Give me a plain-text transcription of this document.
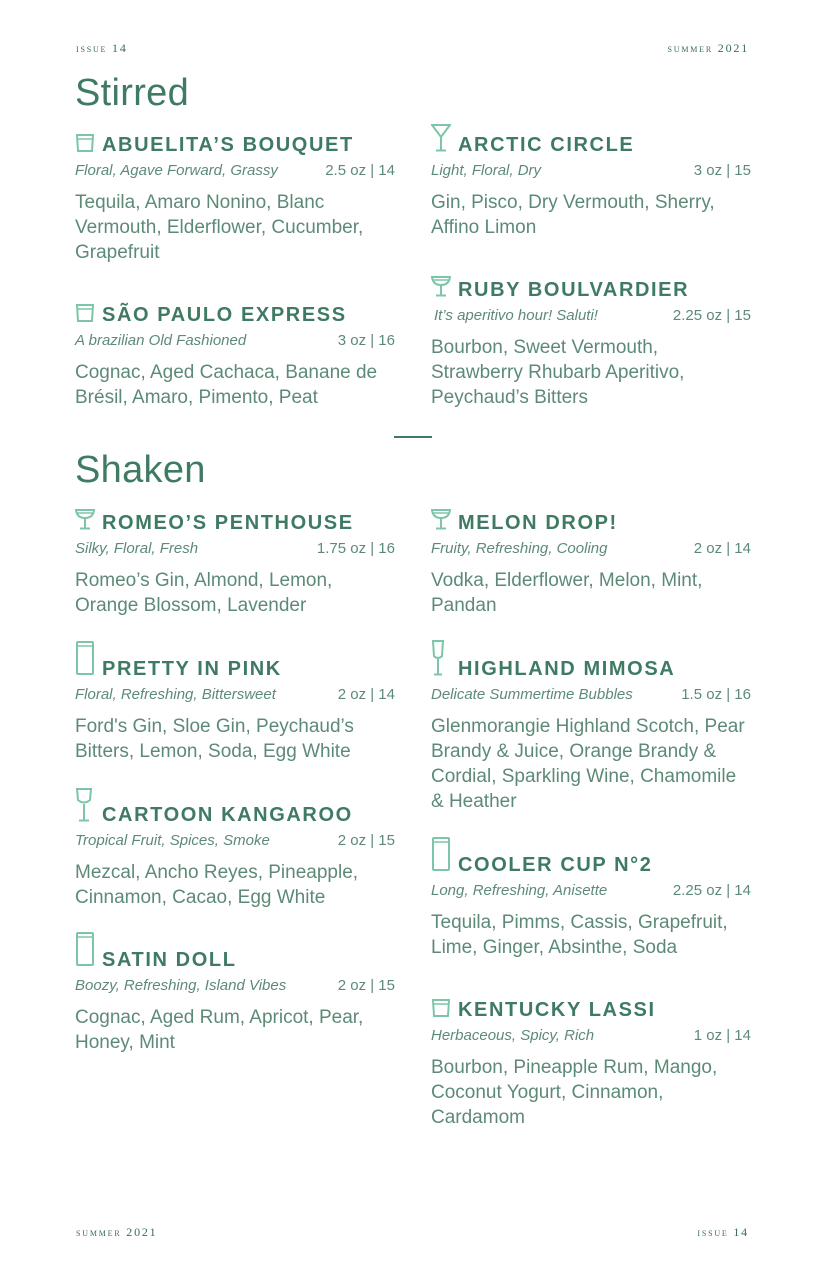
issue 14	summer 2021
Stirred
ABUELITA’S BOUQUET
Floral, Agave Forward, Grassy	2.5 oz | 14
Tequila, Amaro Nonino, Blanc Vermouth, Elderflower, Cucumber, Grapefruit
ARCTIC CIRCLE
Light, Floral, Dry	3 oz | 15
Gin, Pisco, Dry Vermouth, Sherry, Affino Limon
RUBY BOULVARDIER
It’s aperitivo hour! Saluti!	2.25 oz | 15
Bourbon, Sweet Vermouth, Strawberry Rhubarb Aperitivo, Peychaud’s Bitters
SÃO PAULO EXPRESS
A brazilian Old Fashioned	3 oz | 16
Cognac, Aged Cachaca, Banane de Brésil, Amaro, Pimento, Peat
Shaken
ROMEO’S PENTHOUSE
Silky, Floral, Fresh	1.75 oz | 16
Romeo’s Gin, Almond, Lemon, Orange Blossom, Lavender
MELON DROP!
Fruity, Refreshing, Cooling	2 oz | 14
Vodka, Elderflower, Melon, Mint, Pandan
PRETTY IN PINK
Floral, Refreshing, Bittersweet	2 oz | 14
Ford's Gin, Sloe Gin, Peychaud’s Bitters, Lemon, Soda, Egg White
HIGHLAND MIMOSA
Delicate Summertime Bubbles	1.5 oz | 16
Glenmorangie Highland Scotch, Pear Brandy & Juice, Orange Brandy & Cordial, Sparkling Wine, Chamomile & Heather
CARTOON KANGAROO
Tropical Fruit, Spices, Smoke	2 oz | 15
Mezcal, Ancho Reyes, Pineapple, Cinnamon, Cacao, Egg White
COOLER CUP N°2
Long, Refreshing, Anisette	2.25 oz | 14
Tequila, Pimms, Cassis, Grapefruit, Lime, Ginger, Absinthe, Soda
SATIN DOLL
Boozy, Refreshing, Island Vibes	2 oz | 15
Cognac, Aged Rum, Apricot, Pear, Honey, Mint
KENTUCKY LASSI
Herbaceous, Spicy, Rich	1 oz | 14
Bourbon, Pineapple Rum, Mango, Coconut Yogurt, Cinnamon, Cardamom
summer 2021	issue 14
